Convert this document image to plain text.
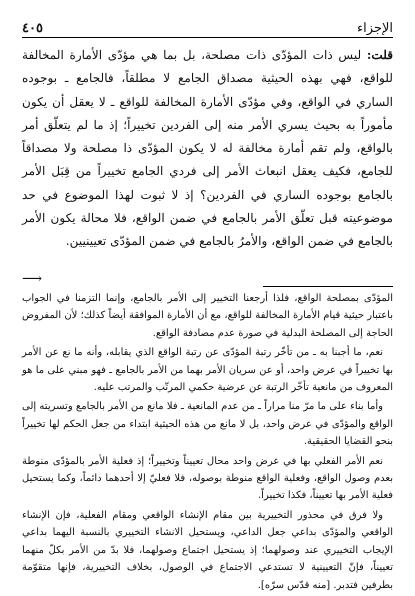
الإجزاء
٤٠٥

قلت: ليس ذات المؤدّى ذات مصلحة، بل بما هي مؤدّى الأمارة المخالفة للواقع، فهي بهذه الحيثية مصداق الجامع لا مطلقاً، فالجامع ـ بوجوده الساري في الواقع، وفي مؤدّى الأمارة المخالفة للواقع ـ لا يعقل أن يكون مأموراً به بحيث يسري الأمر منه إلى الفردين تخييراً؛ إذ ما لم يتعلّق أمر بالواقع، ولم تقم أمارة مخالفة له لا يكون المؤدّى ذا مصلحة ولا مصداقاً للجامع، فكيف يعقل انبعاث الأمر إلى فردي الجامع تخييراً من قِبَل الأمر بالجامع بوجوده الساري في الفردين؟ إذ لا ثبوت لهذا الموضوع في حد موضوعيته قبل تعلّق الأمر بالجامع في ضمن الواقع، فلا محالة يكون الأمر بالجامع في ضمن الواقع، والأمرُ بالجامع في ضمن المؤدّى تعيينيين.

⟶

المؤدّى بمصلحة الواقع، فلذا أرجعنا التخيير إلى الأمر بالجامع، وإنما التزمنا في الجواب باعتبار حيثية قيام الأمارة المخالفة للواقع، مع أن الأمارة الموافقة أيضاً كذلك؛ لأن المفروض الحاجة إلى المصلحة البدلية في صورة عدم مصادفة الواقع.

نعم، ما أجبنا به ـ من تأخّر رتبة المؤدّى عن رتبة الواقع الذي يقابله، وأنه ما نع عن الأمر بها تخييراً في عرض واحد، أو عن سريان الأمر بهما من الأمر بالجامع ـ فهو مبني على ما هو المعروف من مانعية تأخّر الرتبة عن عرضية حكمي المرتّب والمرتب عليه.

وأما بناء على ما مرّ منا مراراً ـ من عدم المانعية ـ فلا مانع من الأمر بالجامع وتسريته إلى الواقع والمؤدّى في عرض واحد، بل لا مانع من هذه الحيثية ابتداء من جعل الحكم لها تخييراً بنحو القضايا الحقيقية.

نعم الأمر الفعلي بها في عرض واحد محال تعييناً وتخييراً؛ إذ فعلية الأمر بالمؤدّى منوطة بعدم وصول الواقع، وفعلية الواقع منوطة بوصوله، فلا فعليّ إلا أحدهما دائماً، وكما يستحيل فعلية الأمر بها تعييناً، فكذا تخييراً.

ولا فرق في محذور التخييرية بين مقام الإنشاء الواقعي ومقام الفعلية، فإن الإنشاء الواقعي والمؤدّى بداعي جعل الداعي، ويستحيل الانشاء التخييري بالنسبة اليهما بداعي الإيجاب التخييري عند وصولهما؛ إذ يستحيل اجتماع وصولهما، فلا بدّ من الأمر بكلّ منهما تعييناً، فإنّ التعيينية لا تستدعي الاجتماع في الوصول، بخلاف التخييرية، فإنها متقوّمة بطرفين فتدبر. [منه قدّس سرّه].
